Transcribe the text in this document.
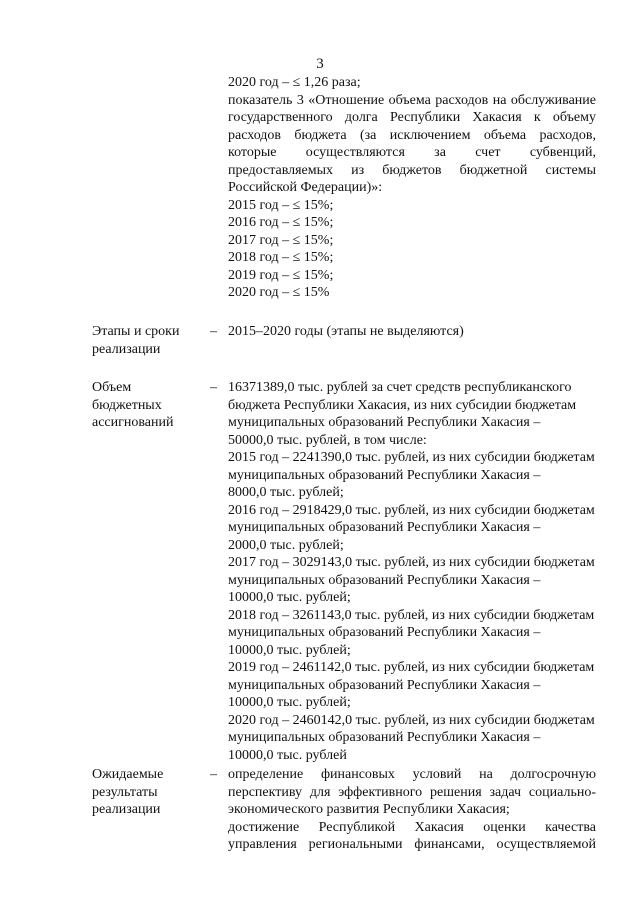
3
2020 год – ≤ 1,26 раза;
показатель 3 «Отношение объема расходов на обслуживание
государственного долга Республики Хакасия к объему
расходов бюджета (за исключением объема расходов,
которые осуществляются за счет субвенций,
предоставляемых из бюджетов бюджетной системы
Российской Федерации)»:
2015 год – ≤ 15%;
2016 год – ≤ 15%;
2017 год – ≤ 15%;
2018 год – ≤ 15%;
2019 год – ≤ 15%;
2020 год – ≤ 15%
Этапы и сроки
реализации
– 2015–2020 годы (этапы не выделяются)
Объем
бюджетных
ассигнований
– 16371389,0 тыс. рублей за счет средств республиканского
бюджета Республики Хакасия, из них субсидии бюджетам
муниципальных образований Республики Хакасия –
50000,0 тыс. рублей, в том числе:
2015 год – 2241390,0 тыс. рублей, из них субсидии бюджетам
муниципальных образований Республики Хакасия –
8000,0 тыс. рублей;
2016 год – 2918429,0 тыс. рублей, из них субсидии бюджетам
муниципальных образований Республики Хакасия –
2000,0 тыс. рублей;
2017 год – 3029143,0 тыс. рублей, из них субсидии бюджетам
муниципальных образований Республики Хакасия –
10000,0 тыс. рублей;
2018 год – 3261143,0 тыс. рублей, из них субсидии бюджетам
муниципальных образований Республики Хакасия –
10000,0 тыс. рублей;
2019 год – 2461142,0 тыс. рублей, из них субсидии бюджетам
муниципальных образований Республики Хакасия –
10000,0 тыс. рублей;
2020 год – 2460142,0 тыс. рублей, из них субсидии бюджетам
муниципальных образований Республики Хакасия –
10000,0 тыс. рублей
Ожидаемые
результаты
реализации
– определение финансовых условий на долгосрочную
перспективу для эффективного решения задач социально-
экономического развития Республики Хакасия;
достижение Республикой Хакасия оценки качества
управления региональными финансами, осуществляемой
